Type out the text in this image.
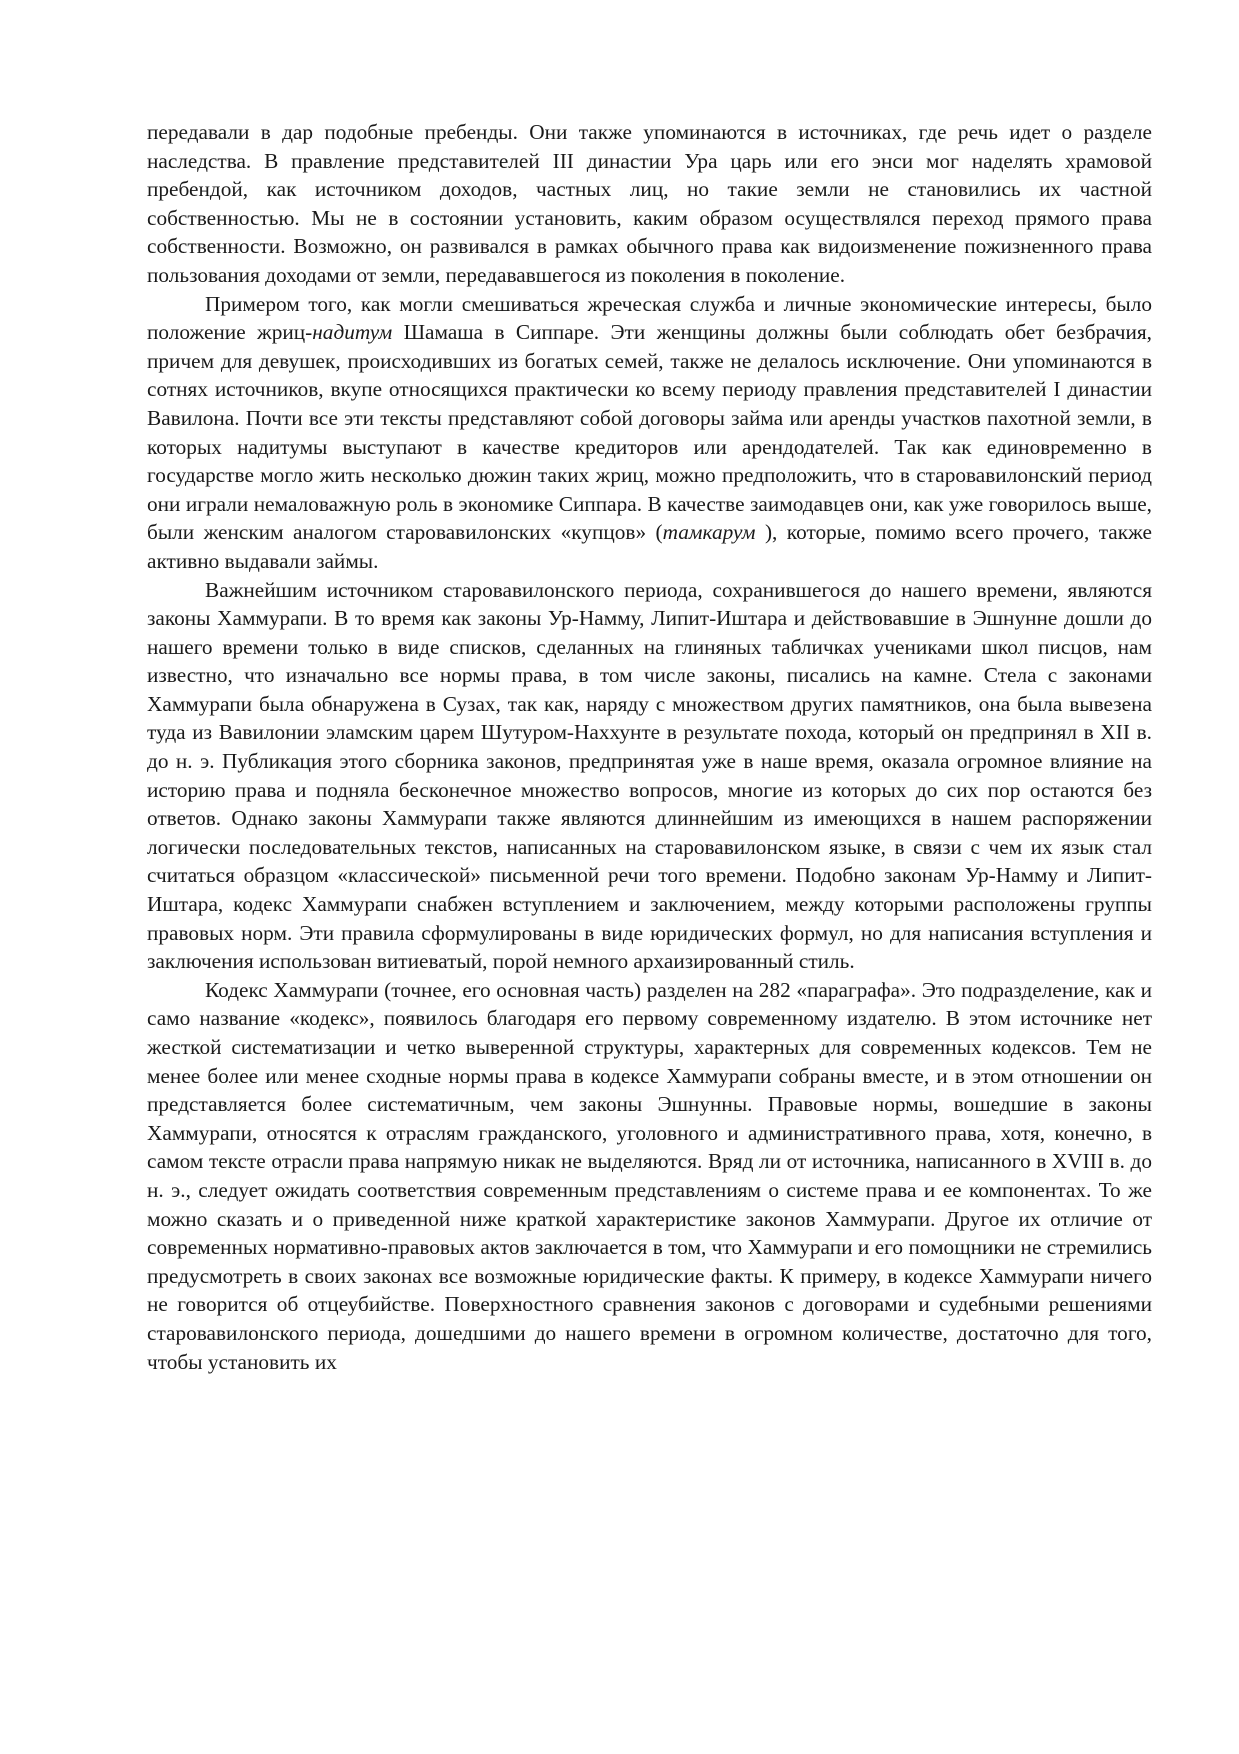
передавали в дар подобные пребенды. Они также упоминаются в источниках, где речь идет о разделе наследства. В правление представителей III династии Ура царь или его энси мог наделять храмовой пребендой, как источником доходов, частных лиц, но такие земли не становились их частной собственностью. Мы не в состоянии установить, каким образом осуществлялся переход прямого права собственности. Возможно, он развивался в рамках обычного права как видоизменение пожизненного права пользования доходами от земли, передававшегося из поколения в поколение.

Примером того, как могли смешиваться жреческая служба и личные экономические интересы, было положение жриц-надитум Шамаша в Сиппаре. Эти женщины должны были соблюдать обет безбрачия, причем для девушек, происходивших из богатых семей, также не делалось исключение. Они упоминаются в сотнях источников, вкупе относящихся практически ко всему периоду правления представителей I династии Вавилона. Почти все эти тексты представляют собой договоры займа или аренды участков пахотной земли, в которых надитумы выступают в качестве кредиторов или арендодателей. Так как единовременно в государстве могло жить несколько дюжин таких жриц, можно предположить, что в старовавилонский период они играли немаловажную роль в экономике Сиппара. В качестве заимодавцев они, как уже говорилось выше, были женским аналогом старовавилонских «купцов» (тамкарум ), которые, помимо всего прочего, также активно выдавали займы.

Важнейшим источником старовавилонского периода, сохранившегося до нашего времени, являются законы Хаммурапи. В то время как законы Ур-Намму, Липит-Иштара и действовавшие в Эшнунне дошли до нашего времени только в виде списков, сделанных на глиняных табличках учениками школ писцов, нам известно, что изначально все нормы права, в том числе законы, писались на камне. Стела с законами Хаммурапи была обнаружена в Сузах, так как, наряду с множеством других памятников, она была вывезена туда из Вавилонии эламским царем Шутуром-Наххунте в результате похода, который он предпринял в XII в. до н. э. Публикация этого сборника законов, предпринятая уже в наше время, оказала огромное влияние на историю права и подняла бесконечное множество вопросов, многие из которых до сих пор остаются без ответов. Однако законы Хаммурапи также являются длиннейшим из имеющихся в нашем распоряжении логически последовательных текстов, написанных на старовавилонском языке, в связи с чем их язык стал считаться образцом «классической» письменной речи того времени. Подобно законам Ур-Намму и Липит-Иштара, кодекс Хаммурапи снабжен вступлением и заключением, между которыми расположены группы правовых норм. Эти правила сформулированы в виде юридических формул, но для написания вступления и заключения использован витиеватый, порой немного архаизированный стиль.

Кодекс Хаммурапи (точнее, его основная часть) разделен на 282 «параграфа». Это подразделение, как и само название «кодекс», появилось благодаря его первому современному издателю. В этом источнике нет жесткой систематизации и четко выверенной структуры, характерных для современных кодексов. Тем не менее более или менее сходные нормы права в кодексе Хаммурапи собраны вместе, и в этом отношении он представляется более систематичным, чем законы Эшнунны. Правовые нормы, вошедшие в законы Хаммурапи, относятся к отраслям гражданского, уголовного и административного права, хотя, конечно, в самом тексте отрасли права напрямую никак не выделяются. Вряд ли от источника, написанного в XVIII в. до н. э., следует ожидать соответствия современным представлениям о системе права и ее компонентах. То же можно сказать и о приведенной ниже краткой характеристике законов Хаммурапи. Другое их отличие от современных нормативно-правовых актов заключается в том, что Хаммурапи и его помощники не стремились предусмотреть в своих законах все возможные юридические факты. К примеру, в кодексе Хаммурапи ничего не говорится об отцеубийстве. Поверхностного сравнения законов с договорами и судебными решениями старовавилонского периода, дошедшими до нашего времени в огромном количестве, достаточно для того, чтобы установить их
